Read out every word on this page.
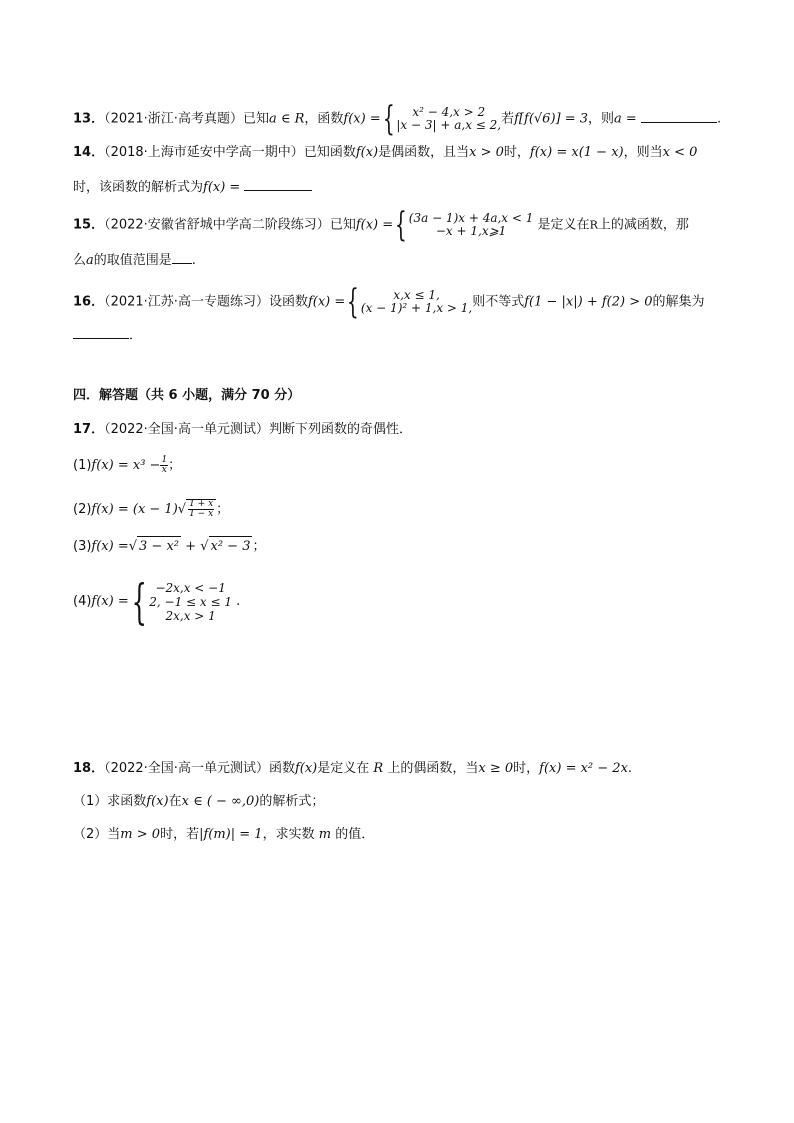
13．（2021·浙江·高考真题）已知a ∈ R，函数f(x) ={	x² − 4,x > 2
|x − 3| + a,x ≤ 2, 若f[f(√6)] = 3，则a =	.
14．（2018·上海市延安中学高一期中）已知函数f(x)是偶函数，且当x > 0时，f(x) = x(1 − x)，则当x < 0
时，该函数的解析式为f(x) =
15．（2022·安徽省舒城中学高二阶段练习）已知f(x) ={ (3a − 1)x + 4a,x < 1
−x + 1,x⩾1	是定义在R上的减函数，那
么a的取值范围是 .
16．（2021·江苏·高一专题练习）设函数f(x) ={	x,x ≤ 1,
(x − 1)² + 1,x > 1, 则不等式f(1 − |x|) + f(2) > 0的解集为
．
四．解答题（共 6 小题，满分 70 分）
17．（2022·全国·高一单元测试）判断下列函数的奇偶性．
$(1)f(x) = x^3 - \frac{1}{x}$ ；
$(2)f(x) = (x - 1)√ \frac{1 + x}{1 - x}$ ；
(3)f(x) =√ 3 − x² + √ x² − 3 ；
(4)f(x) ={ −2x,x < −1
2, −1 ≤ x ≤ 1
2x,x > 1
.
18．（2022·全国·高一单元测试）函数f(x)是定义在 R 上的偶函数，当x ≥ 0时，f(x) = x² − 2x.
（1）求函数f(x)在x ∈ ( − ∞,0)的解析式；
（2）当m > 0时，若|f(m)| = 1，求实数 m 的值．
